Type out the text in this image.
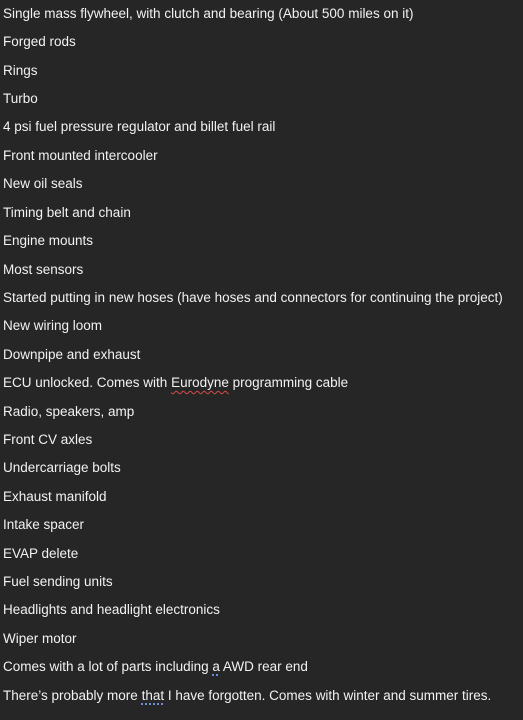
Single mass flywheel, with clutch and bearing (About 500 miles on it)
Forged rods
Rings
Turbo
4 psi fuel pressure regulator and billet fuel rail
Front mounted intercooler
New oil seals
Timing belt and chain
Engine mounts
Most sensors
Started putting in new hoses (have hoses and connectors for continuing the project)
New wiring loom
Downpipe and exhaust
ECU unlocked. Comes with Eurodyne programming cable
Radio, speakers, amp
Front CV axles
Undercarriage bolts
Exhaust manifold
Intake spacer
EVAP delete
Fuel sending units
Headlights and headlight electronics
Wiper motor
Comes with a lot of parts including a AWD rear end
There’s probably more that I have forgotten. Comes with winter and summer tires.
